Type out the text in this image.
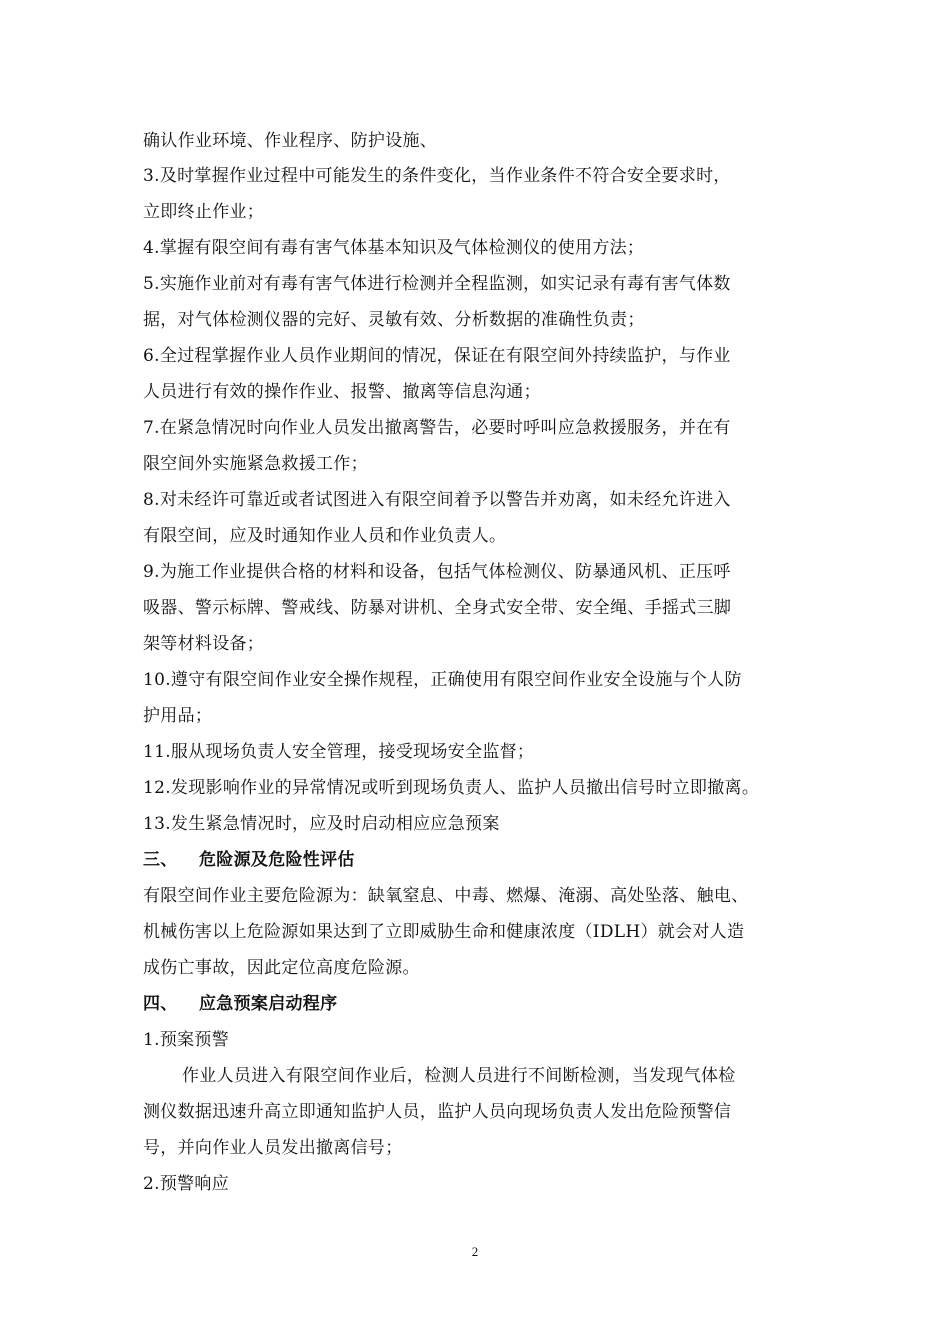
确认作业环境、作业程序、防护设施、
3.及时掌握作业过程中可能发生的条件变化，当作业条件不符合安全要求时，
立即终止作业；
4.掌握有限空间有毒有害气体基本知识及气体检测仪的使用方法；
5.实施作业前对有毒有害气体进行检测并全程监测，如实记录有毒有害气体数
据，对气体检测仪器的完好、灵敏有效、分析数据的准确性负责；
6.全过程掌握作业人员作业期间的情况，保证在有限空间外持续监护，与作业
人员进行有效的操作作业、报警、撤离等信息沟通；
7.在紧急情况时向作业人员发出撤离警告，必要时呼叫应急救援服务，并在有
限空间外实施紧急救援工作；
8.对未经许可靠近或者试图进入有限空间着予以警告并劝离，如未经允许进入
有限空间，应及时通知作业人员和作业负责人。
9.为施工作业提供合格的材料和设备，包括气体检测仪、防暴通风机、正压呼
吸器、警示标牌、警戒线、防暴对讲机、全身式安全带、安全绳、手摇式三脚
架等材料设备；
10.遵守有限空间作业安全操作规程，正确使用有限空间作业安全设施与个人防
护用品；
11.服从现场负责人安全管理，接受现场安全监督；
12.发现影响作业的异常情况或听到现场负责人、监护人员撤出信号时立即撤离。
13.发生紧急情况时，应及时启动相应应急预案
三、 危险源及危险性评估
有限空间作业主要危险源为：缺氧窒息、中毒、燃爆、淹溺、高处坠落、触电、
机械伤害以上危险源如果达到了立即威胁生命和健康浓度（IDLH）就会对人造
成伤亡事故，因此定位高度危险源。
四、 应急预案启动程序
1.预案预警
作业人员进入有限空间作业后，检测人员进行不间断检测，当发现气体检
测仪数据迅速升高立即通知监护人员，监护人员向现场负责人发出危险预警信
号，并向作业人员发出撤离信号；
2.预警响应
2
